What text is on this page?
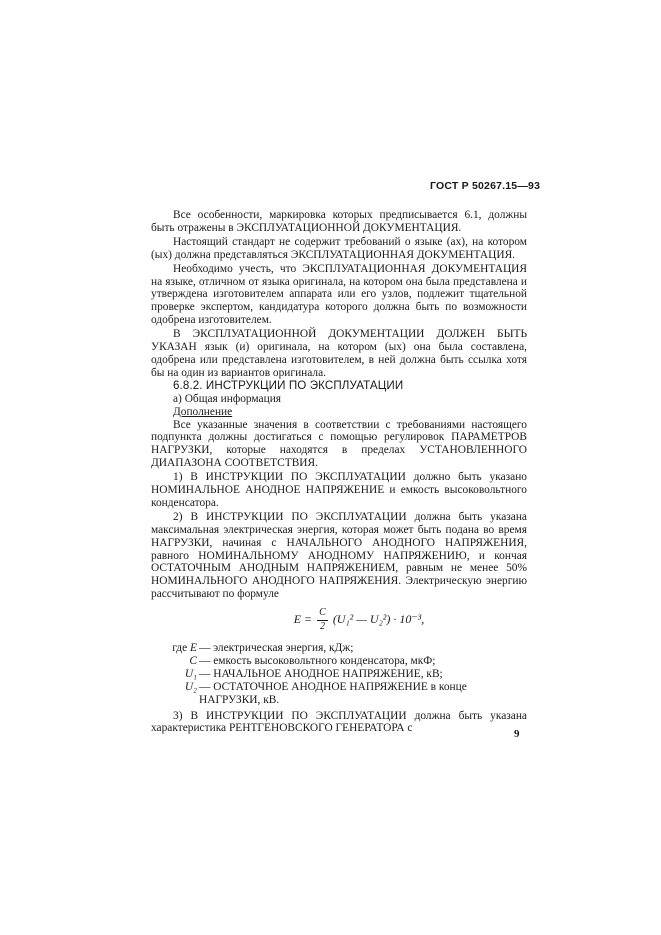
ГОСТ Р 50267.15—93

Все особенности, маркировка которых предписывается 6.1, должны быть отражены в ЭКСПЛУАТАЦИОННОЙ ДОКУМЕНТАЦИЯ.

Настоящий стандарт не содержит требований о языке (ах), на котором (ых) должна представляться ЭКСПЛУАТАЦИОННАЯ ДОКУМЕНТАЦИЯ.

Необходимо учесть, что ЭКСПЛУАТАЦИОННАЯ ДОКУМЕНТАЦИЯ на языке, отличном от языка оригинала, на котором она была представлена и утверждена изготовителем аппарата или его узлов, подлежит тщательной проверке экспертом, кандидатура которого должна быть по возможности одобрена изготовителем.

В ЭКСПЛУАТАЦИОННОЙ ДОКУМЕНТАЦИИ ДОЛЖЕН БЫТЬ УКАЗАН язык (и) оригинала, на котором (ых) она была составлена, одобрена или представлена изготовителем, в ней должна быть ссылка хотя бы на один из вариантов оригинала.

6.8.2. ИНСТРУКЦИИ ПО ЭКСПЛУАТАЦИИ

а) Общая информация

Дополнение

Все указанные значения в соответствии с требованиями настоящего подпункта должны достигаться с помощью регулировок ПАРАМЕТРОВ НАГРУЗКИ, которые находятся в пределах УСТАНОВЛЕННОГО ДИАПАЗОНА СООТВЕТСТВИЯ.

1) В ИНСТРУКЦИИ ПО ЭКСПЛУАТАЦИИ должно быть указано НОМИНАЛЬНОЕ АНОДНОЕ НАПРЯЖЕНИЕ и емкость высоковольтного конденсатора.

2) В ИНСТРУКЦИИ ПО ЭКСПЛУАТАЦИИ должна быть указана максимальная электрическая энергия, которая может быть подана во время НАГРУЗКИ, начиная с НАЧАЛЬНОГО АНОДНОГО НАПРЯЖЕНИЯ, равного НОМИНАЛЬНОМУ АНОДНОМУ НАПРЯЖЕНИЮ, и кончая ОСТАТОЧНЫМ АНОДНЫМ НАПРЯЖЕНИЕМ, равным не менее 50% НОМИНАЛЬНОГО АНОДНОГО НАПРЯЖЕНИЯ. Электрическую энергию рассчитывают по формуле

$E = \frac{C}{2} (U_1^2$ — U₂²) · 10⁻³,
где E — электрическая энергия, кДж;
C — емкость высоковольтного конденсатора, мкФ;
U₁ — НАЧАЛЬНОЕ АНОДНОЕ НАПРЯЖЕНИЕ, кВ;
U₂ — ОСТАТОЧНОЕ АНОДНОЕ НАПРЯЖЕНИЕ в конце НАГРУЗКИ, кВ.

3) В ИНСТРУКЦИИ ПО ЭКСПЛУАТАЦИИ должна быть указана характеристика РЕНТГЕНОВСКОГО ГЕНЕРАТОРА с	9
